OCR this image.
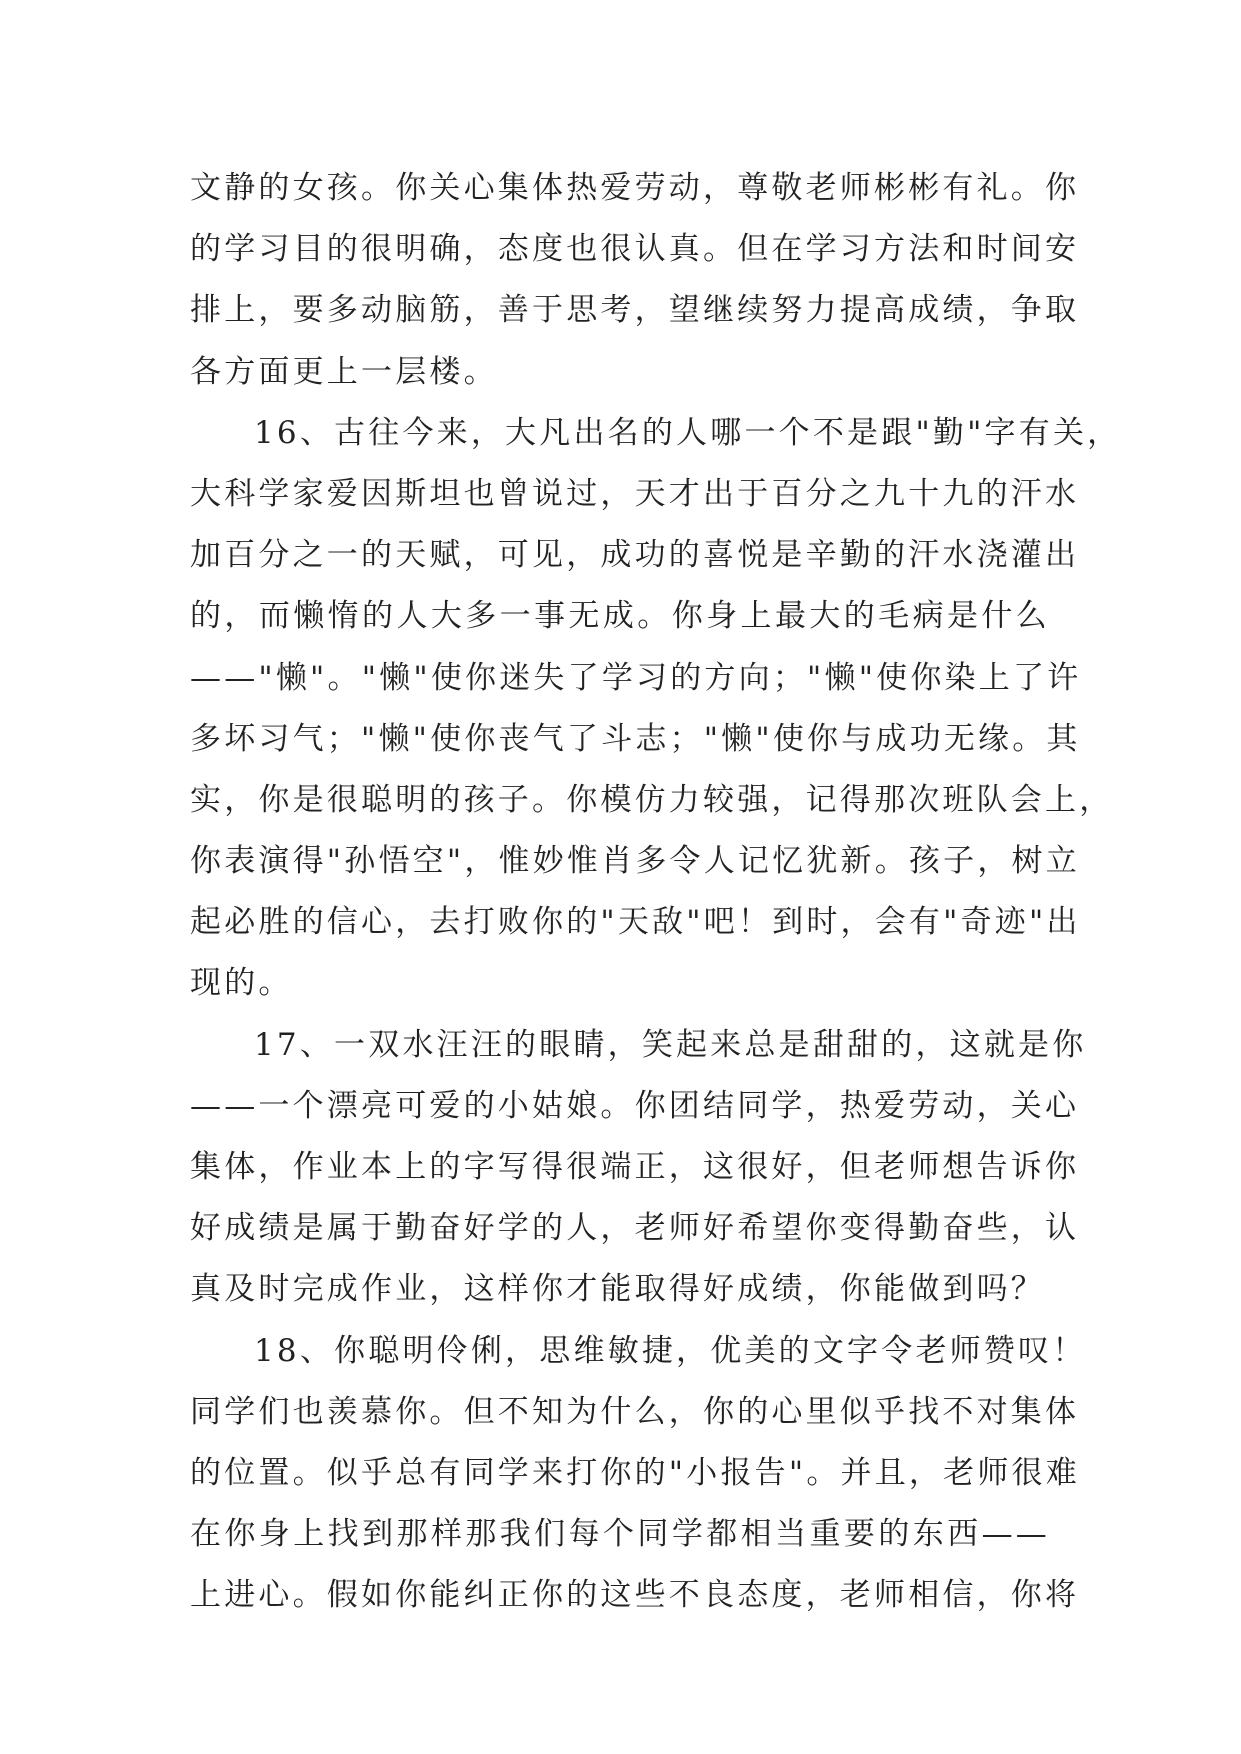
文静的女孩。你关心集体热爱劳动，尊敬老师彬彬有礼。你
的学习目的很明确，态度也很认真。但在学习方法和时间安
排上，要多动脑筋，善于思考，望继续努力提高成绩，争取
各方面更上一层楼。
16、古往今来，大凡出名的人哪一个不是跟"勤"字有关，
大科学家爱因斯坦也曾说过，天才出于百分之九十九的汗水
加百分之一的天赋，可见，成功的喜悦是辛勤的汗水浇灌出
的，而懒惰的人大多一事无成。你身上最大的毛病是什么
——"懒"。"懒"使你迷失了学习的方向；"懒"使你染上了许
多坏习气；"懒"使你丧气了斗志；"懒"使你与成功无缘。其
实，你是很聪明的孩子。你模仿力较强，记得那次班队会上，
你表演得"孙悟空"，惟妙惟肖多令人记忆犹新。孩子，树立
起必胜的信心，去打败你的"天敌"吧！到时，会有"奇迹"出
现的。
17、一双水汪汪的眼睛，笑起来总是甜甜的，这就是你
——一个漂亮可爱的小姑娘。你团结同学，热爱劳动，关心
集体，作业本上的字写得很端正，这很好，但老师想告诉你
好成绩是属于勤奋好学的人，老师好希望你变得勤奋些，认
真及时完成作业，这样你才能取得好成绩，你能做到吗？
18、你聪明伶俐，思维敏捷，优美的文字令老师赞叹！
同学们也羡慕你。但不知为什么，你的心里似乎找不对集体
的位置。似乎总有同学来打你的"小报告"。并且，老师很难
在你身上找到那样那我们每个同学都相当重要的东西——
上进心。假如你能纠正你的这些不良态度，老师相信，你将
